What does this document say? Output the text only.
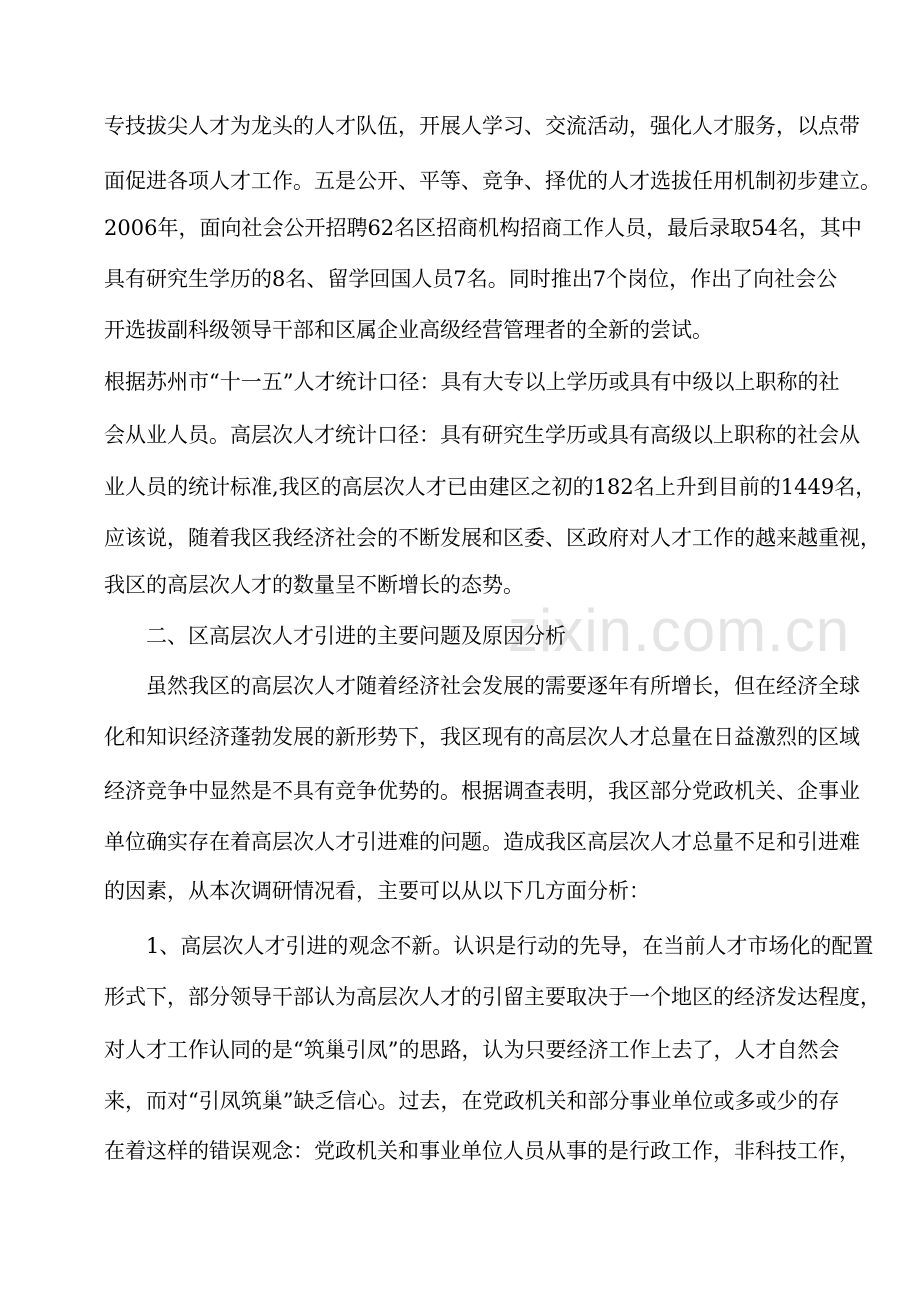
zixin.com.cn
专技拔尖人才为龙头的人才队伍，开展人学习、交流活动，强化人才服务，以点带
面促进各项人才工作。五是公开、平等、竞争、择优的人才选拔任用机制初步建立。
2006年，面向社会公开招聘62名区招商机构招商工作人员，最后录取54名，其中
具有研究生学历的8名、留学回国人员7名。同时推出7个岗位，作出了向社会公
开选拔副科级领导干部和区属企业高级经营管理者的全新的尝试。
根据苏州市“十一五”人才统计口径：具有大专以上学历或具有中级以上职称的社
会从业人员。高层次人才统计口径：具有研究生学历或具有高级以上职称的社会从
业人员的统计标准,我区的高层次人才已由建区之初的182名上升到目前的1449名，
应该说，随着我区我经济社会的不断发展和区委、区政府对人才工作的越来越重视，
我区的高层次人才的数量呈不断增长的态势。
二、区高层次人才引进的主要问题及原因分析
虽然我区的高层次人才随着经济社会发展的需要逐年有所增长，但在经济全球
化和知识经济蓬勃发展的新形势下，我区现有的高层次人才总量在日益激烈的区域
经济竞争中显然是不具有竞争优势的。根据调查表明，我区部分党政机关、企事业
单位确实存在着高层次人才引进难的问题。造成我区高层次人才总量不足和引进难
的因素，从本次调研情况看，主要可以从以下几方面分析：
1、高层次人才引进的观念不新。认识是行动的先导，在当前人才市场化的配置
形式下，部分领导干部认为高层次人才的引留主要取决于一个地区的经济发达程度，
对人才工作认同的是“筑巢引凤”的思路，认为只要经济工作上去了，人才自然会
来，而对“引凤筑巢”缺乏信心。过去，在党政机关和部分事业单位或多或少的存
在着这样的错误观念：党政机关和事业单位人员从事的是行政工作，非科技工作，
